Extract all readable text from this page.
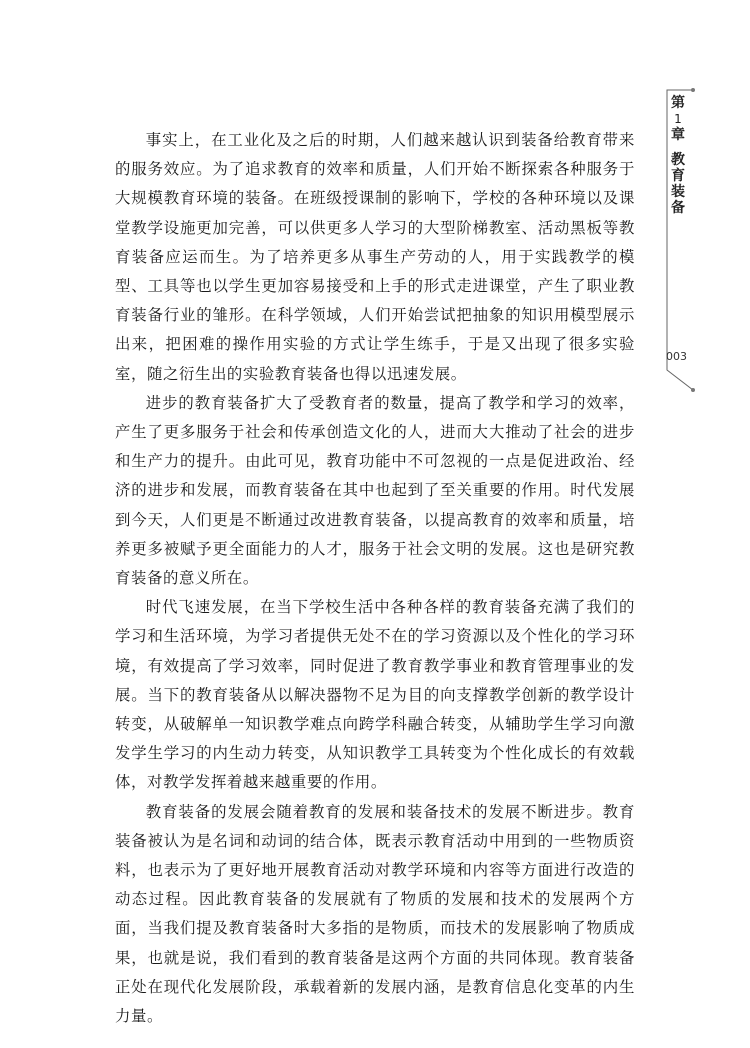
第 1 章
教育装备
003

事实上，在工业化及之后的时期，人们越来越认识到装备给教育带来的服务效应。为了追求教育的效率和质量，人们开始不断探索各种服务于大规模教育环境的装备。在班级授课制的影响下，学校的各种环境以及课堂教学设施更加完善，可以供更多人学习的大型阶梯教室、活动黑板等教育装备应运而生。为了培养更多从事生产劳动的人，用于实践教学的模型、工具等也以学生更加容易接受和上手的形式走进课堂，产生了职业教育装备行业的雏形。在科学领域，人们开始尝试把抽象的知识用模型展示出来，把困难的操作用实验的方式让学生练手，于是又出现了很多实验室，随之衍生出的实验教育装备也得以迅速发展。

进步的教育装备扩大了受教育者的数量，提高了教学和学习的效率，产生了更多服务于社会和传承创造文化的人，进而大大推动了社会的进步和生产力的提升。由此可见，教育功能中不可忽视的一点是促进政治、经济的进步和发展，而教育装备在其中也起到了至关重要的作用。时代发展到今天，人们更是不断通过改进教育装备，以提高教育的效率和质量，培养更多被赋予更全面能力的人才，服务于社会文明的发展。这也是研究教育装备的意义所在。

时代飞速发展，在当下学校生活中各种各样的教育装备充满了我们的学习和生活环境，为学习者提供无处不在的学习资源以及个性化的学习环境，有效提高了学习效率，同时促进了教育教学事业和教育管理事业的发展。当下的教育装备从以解决器物不足为目的向支撑教学创新的教学设计转变，从破解单一知识教学难点向跨学科融合转变，从辅助学生学习向激发学生学习的内生动力转变，从知识教学工具转变为个性化成长的有效载体，对教学发挥着越来越重要的作用。

教育装备的发展会随着教育的发展和装备技术的发展不断进步。教育装备被认为是名词和动词的结合体，既表示教育活动中用到的一些物质资料，也表示为了更好地开展教育活动对教学环境和内容等方面进行改造的动态过程。因此教育装备的发展就有了物质的发展和技术的发展两个方面，当我们提及教育装备时大多指的是物质，而技术的发展影响了物质成果，也就是说，我们看到的教育装备是这两个方面的共同体现。教育装备正处在现代化发展阶段，承载着新的发展内涵，是教育信息化变革的内生力量。
